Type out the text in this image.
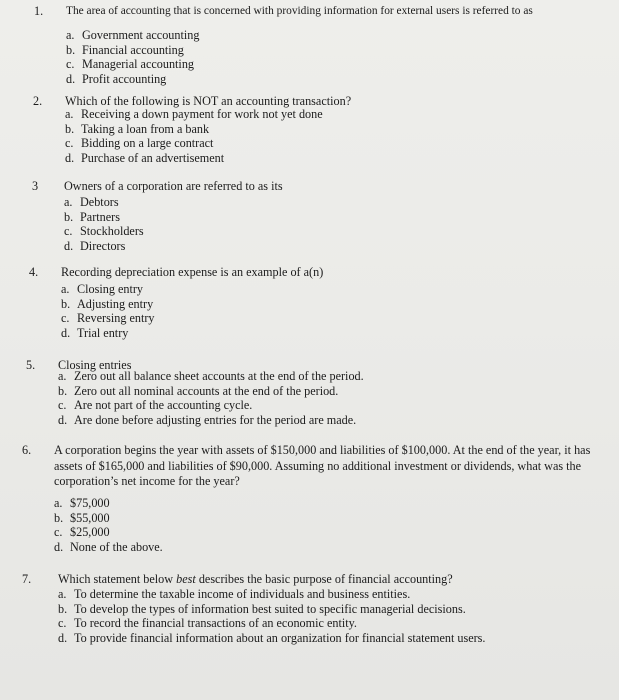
1. The area of accounting that is concerned with providing information for external users is referred to as
a. Government accounting
b. Financial accounting
c. Managerial accounting
d. Profit accounting
2. Which of the following is NOT an accounting transaction?
a. Receiving a down payment for work not yet done
b. Taking a loan from a bank
c. Bidding on a large contract
d. Purchase of an advertisement
3 Owners of a corporation are referred to as its
a. Debtors
b. Partners
c. Stockholders
d. Directors
4. Recording depreciation expense is an example of a(n)
a. Closing entry
b. Adjusting entry
c. Reversing entry
d. Trial entry
5. Closing entries
a. Zero out all balance sheet accounts at the end of the period.
b. Zero out all nominal accounts at the end of the period.
c. Are not part of the accounting cycle.
d. Are done before adjusting entries for the period are made.
6. A corporation begins the year with assets of $150,000 and liabilities of $100,000. At the end of the year, it has assets of $165,000 and liabilities of $90,000. Assuming no additional investment or dividends, what was the corporation’s net income for the year?
a. $75,000
b. $55,000
c. $25,000
d. None of the above.
7. Which statement below best describes the basic purpose of financial accounting?
a. To determine the taxable income of individuals and business entities.
b. To develop the types of information best suited to specific managerial decisions.
c. To record the financial transactions of an economic entity.
d. To provide financial information about an organization for financial statement users.
